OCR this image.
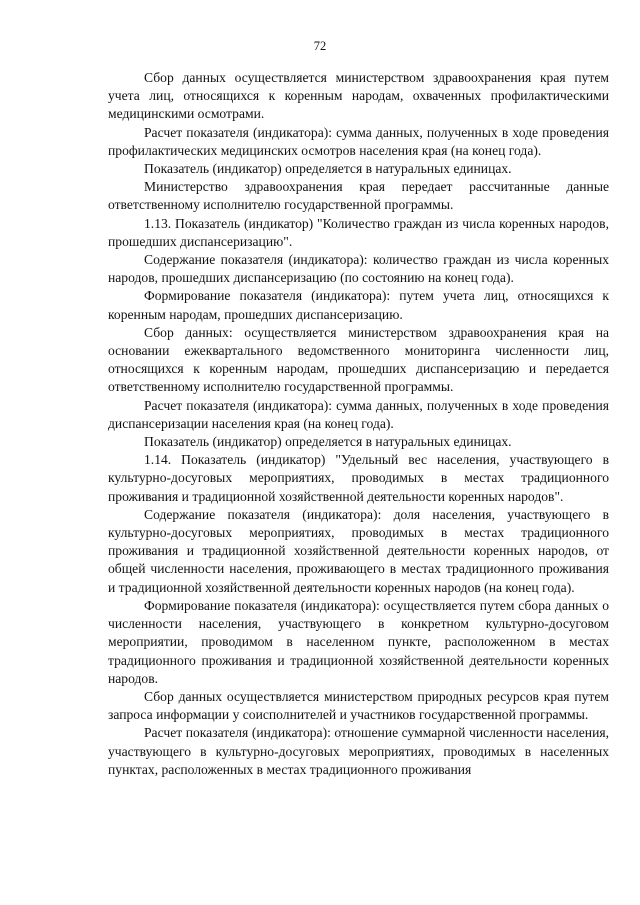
72

Сбор данных осуществляется министерством здравоохранения края путем учета лиц, относящихся к коренным народам, охваченных профилактическими медицинскими осмотрами.

Расчет показателя (индикатора): сумма данных, полученных в ходе проведения профилактических медицинских осмотров населения края (на конец года).

Показатель (индикатор) определяется в натуральных единицах.

Министерство здравоохранения края передает рассчитанные данные ответственному исполнителю государственной программы.

1.13. Показатель (индикатор) "Количество граждан из числа коренных народов, прошедших диспансеризацию".

Содержание показателя (индикатора): количество граждан из числа коренных народов, прошедших диспансеризацию (по состоянию на конец года).

Формирование показателя (индикатора): путем учета лиц, относящихся к коренным народам, прошедших диспансеризацию.

Сбор данных: осуществляется министерством здравоохранения края на основании ежеквартального ведомственного мониторинга численности лиц, относящихся к коренным народам, прошедших диспансеризацию и передается ответственному исполнителю государственной программы.

Расчет показателя (индикатора): сумма данных, полученных в ходе проведения диспансеризации населения края (на конец года).

Показатель (индикатор) определяется в натуральных единицах.

1.14. Показатель (индикатор) "Удельный вес населения, участвующего в культурно-досуговых мероприятиях, проводимых в местах традиционного проживания и традиционной хозяйственной деятельности коренных народов".

Содержание показателя (индикатора): доля населения, участвующего в культурно-досуговых мероприятиях, проводимых в местах традиционного проживания и традиционной хозяйственной деятельности коренных народов, от общей численности населения, проживающего в местах традиционного проживания и традиционной хозяйственной деятельности коренных народов (на конец года).

Формирование показателя (индикатора): осуществляется путем сбора данных о численности населения, участвующего в конкретном культурно-досуговом мероприятии, проводимом в населенном пункте, расположенном в местах традиционного проживания и традиционной хозяйственной деятельности коренных народов.

Сбор данных осуществляется министерством природных ресурсов края путем запроса информации у соисполнителей и участников государственной программы.

Расчет показателя (индикатора): отношение суммарной численности населения, участвующего в культурно-досуговых мероприятиях, проводимых в населенных пунктах, расположенных в местах традиционного проживания
